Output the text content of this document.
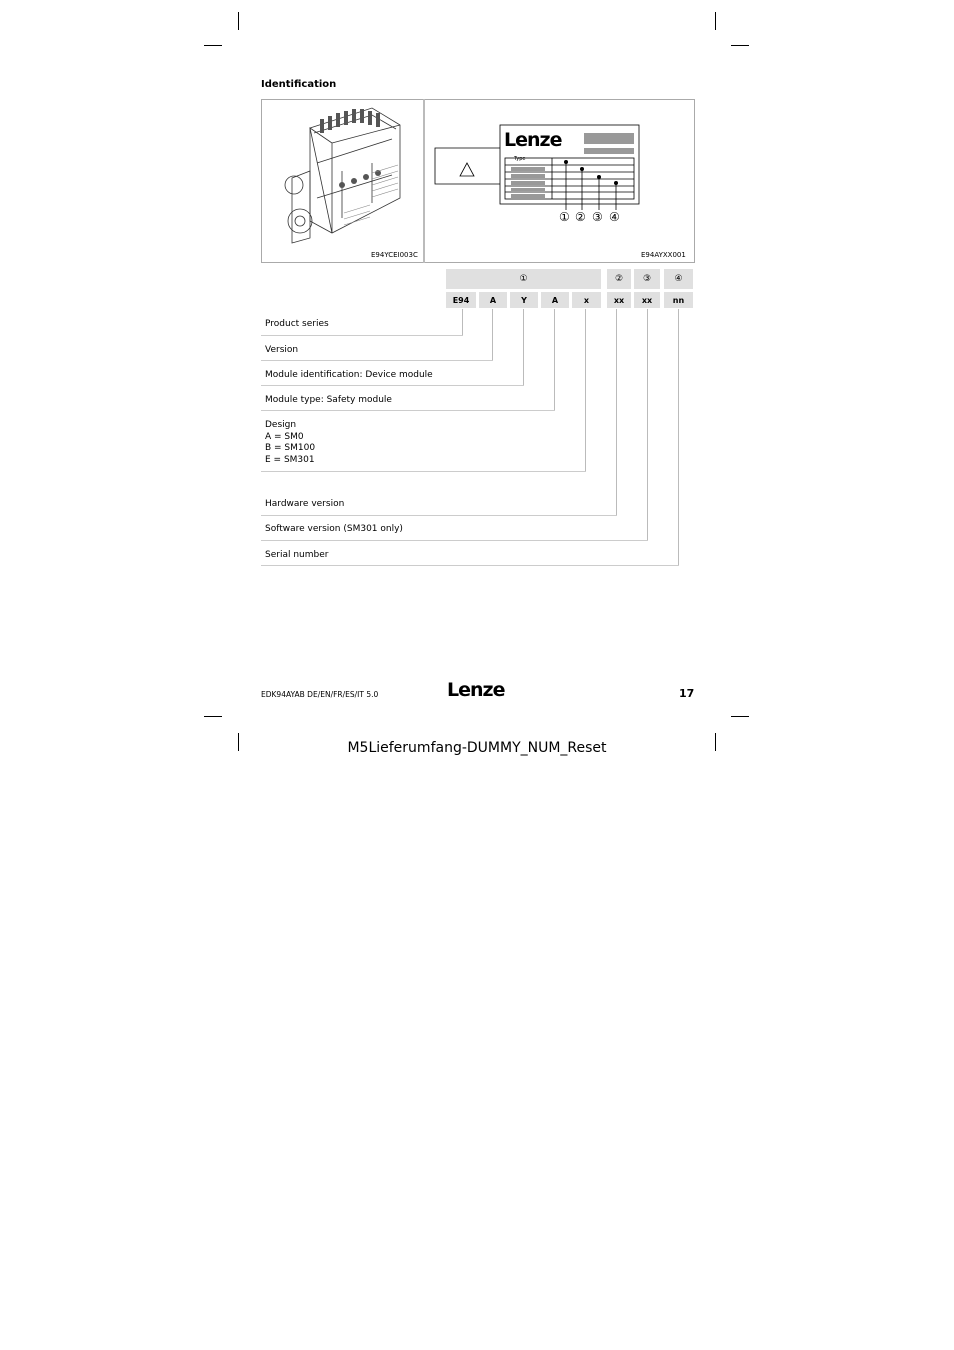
Identification
E94YCEI003C
Lenze
Type
① ② ③ ④
E94AYXX001
①	②	③	④
E94	A	Y	A	x	xx	xx	nn
Product series
Version
Module identification: Device module
Module type: Safety module
Design
A = SM0
B = SM100
E = SM301
Hardware version
Software version (SM301 only)
Serial number
EDK94AYAB DE/EN/FR/ES/IT 5.0	Lenze	17
M5Lieferumfang-DUMMY_NUM_Reset
